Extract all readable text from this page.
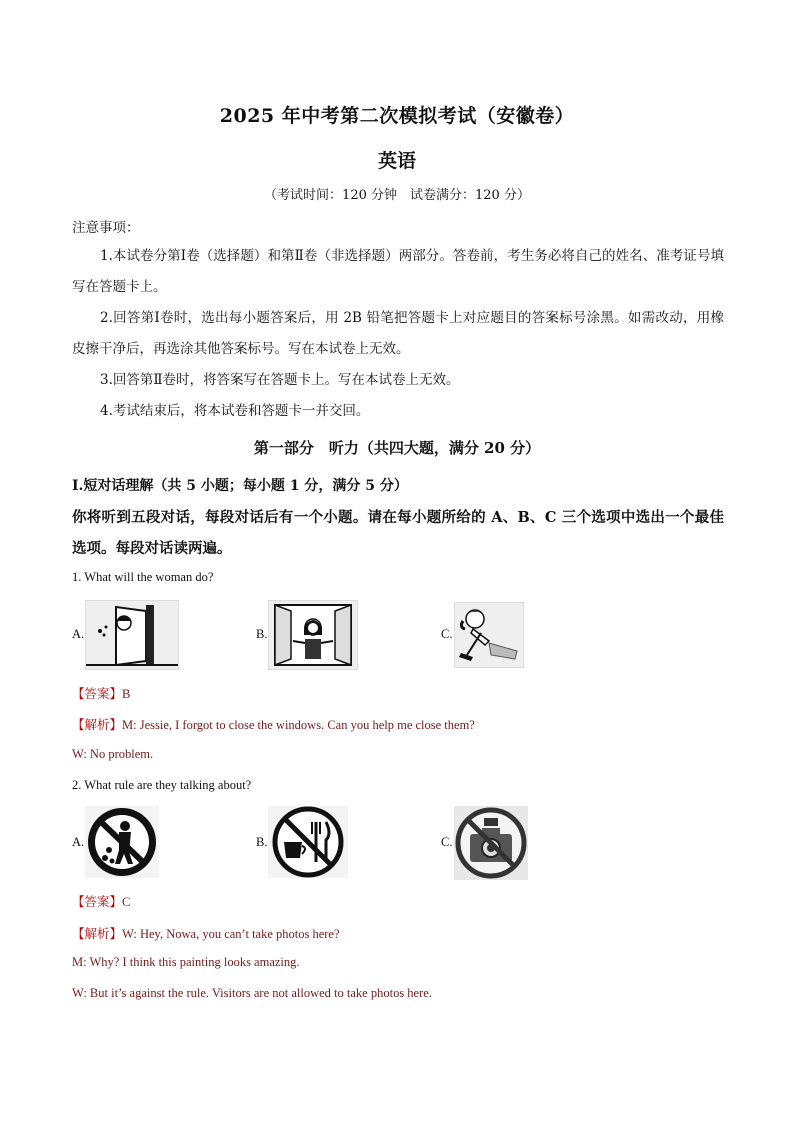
2025 年中考第二次模拟考试（安徽卷）
英语
（考试时间：120 分钟　试卷满分：120 分）
注意事项：
1.本试卷分第Ⅰ卷（选择题）和第Ⅱ卷（非选择题）两部分。答卷前，考生务必将自己的姓名、准考证号填写在答题卡上。
2.回答第Ⅰ卷时，选出每小题答案后，用 2B 铅笔把答题卡上对应题目的答案标号涂黑。如需改动，用橡皮擦干净后，再选涂其他答案标号。写在本试卷上无效。
3.回答第Ⅱ卷时，将答案写在答题卡上。写在本试卷上无效。
4.考试结束后，将本试卷和答题卡一并交回。
第一部分　听力（共四大题，满分 20 分）
Ⅰ.短对话理解（共 5 小题；每小题 1 分，满分 5 分）
你将听到五段对话，每段对话后有一个小题。请在每小题所给的 A、B、C 三个选项中选出一个最佳选项。每段对话读两遍。
1. What will the woman do?
A.	B.	C.
【答案】B
【解析】M: Jessie, I forgot to close the windows. Can you help me close them?
W: No problem.
2. What rule are they talking about?
A.	B.	C.
【答案】C
【解析】W: Hey, Nowa, you can’t take photos here?
M: Why? I think this painting looks amazing.
W: But it’s against the rule. Visitors are not allowed to take photos here.
